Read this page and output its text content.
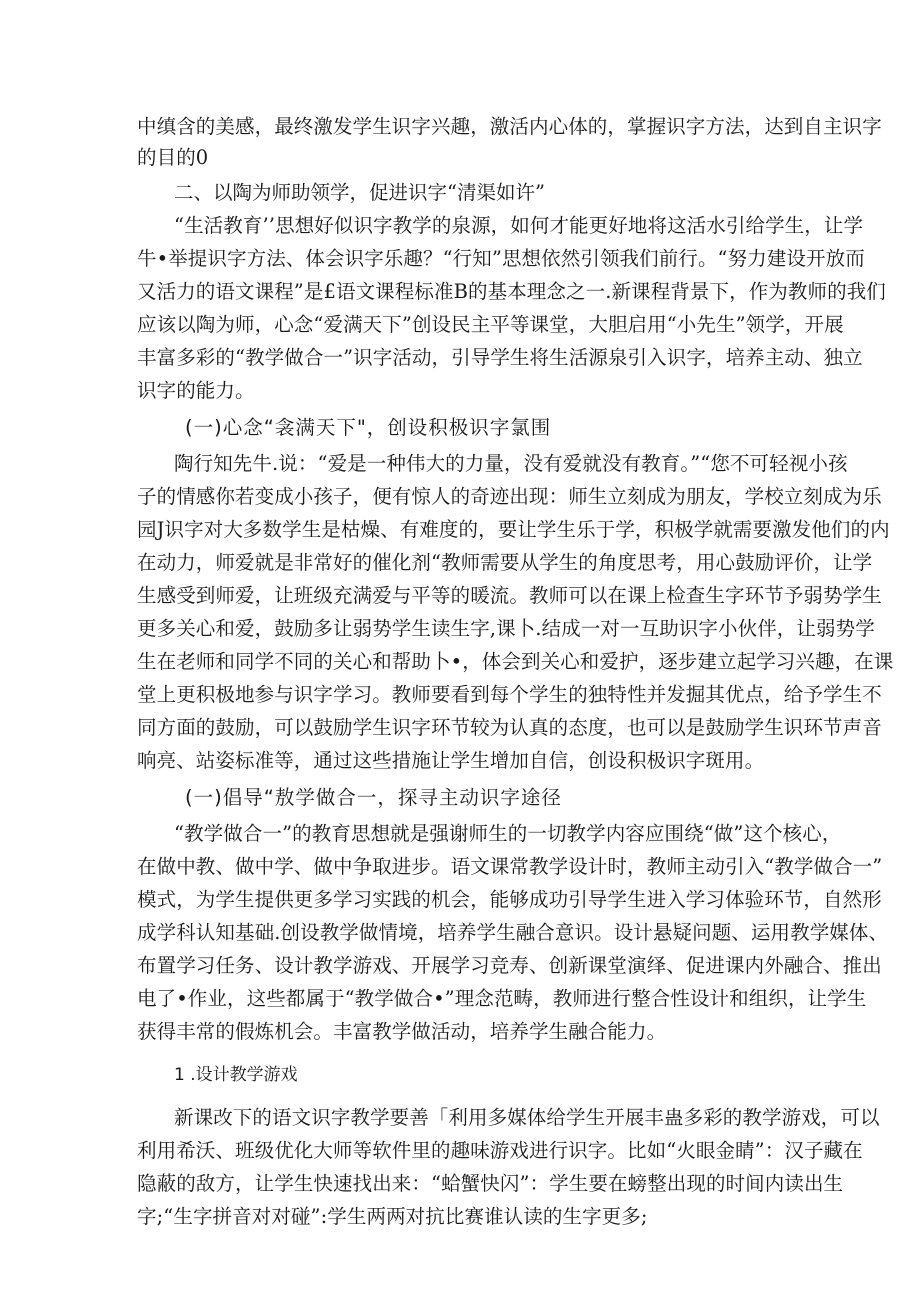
中缜含的美感，最终激发学生识字兴趣，激活内心体的，掌握识字方法，达到自主识字
的目的0
二、以陶为师助领学，促进识字“清渠如许”
“生活教育’’思想好似识字教学的泉源，如何才能更好地将这活水引给学生，让学
牛•举提识字方法、体会识字乐趣？“行知”思想依然引领我们前行。“努力建设开放而
又活力的语文课程”是£语文课程标准B的基本理念之一.新课程背景下，作为教师的我们
应该以陶为师，心念“爱满天下”创设民主平等课堂，大胆启用“小先生”领学，开展
丰富多彩的“教学做合一”识字活动，引导学生将生活源泉引入识字，培养主动、独立
识字的能力。
(一)心念“衾满天下"，创设积极识字氯围
陶行知先牛.说：“爱是一种伟大的力量，没有爱就没有教育。”“您不可轻视小孩
子的情感你若变成小孩子，便有惊人的奇迹出现：师生立刻成为朋友，学校立刻成为乐
园J识字对大多数学生是枯燥、有难度的，要让学生乐于学，积极学就需要激发他们的内
在动力，师爱就是非常好的催化剂“教师需要从学生的角度思考，用心鼓励评价，让学
生感受到师爱，让班级充满爱与平等的暖流。教师可以在课上检查生字环节予弱势学生
更多关心和爱，鼓励多让弱势学生读生字,课卜.结成一对一互助识字小伙伴，让弱势学
生在老师和同学不同的关心和帮助卜•，体会到关心和爱护，逐步建立起学习兴趣，在课
堂上更积极地参与识字学习。教师要看到每个学生的独特性并发掘其优点，给予学生不
同方面的鼓励，可以鼓励学生识字环节较为认真的态度，也可以是鼓励学生识环节声音
响亮、站姿标准等，通过这些措施让学生增加自信，创设积极识字斑用。
(一)倡导“敖学做合一，探寻主动识字途径
“教学做合一”的教育思想就是强谢师生的一切教学内容应围绕“做”这个核心，
在做中教、做中学、做中争取进步。语文课常教学设计时，教师主动引入“教学做合一”
模式，为学生提供更多学习实践的机会，能够成功引导学生进入学习体验环节，自然形
成学科认知基础.创设教学做情境，培养学生融合意识。设计悬疑问题、运用教学媒体、
布置学习任务、设计教学游戏、开展学习竞寿、创新课堂演绎、促进课内外融合、推出
电了•作业，这些都属于“教学做合•”理念范畴，教师进行整合性设计和组织，让学生
获得丰常的假炼机会。丰富教学做活动，培养学生融合能力。
1 .设计教学游戏
新课改下的语文识字教学要善「利用多媒体给学生开展丰蛊多彩的教学游戏，可以
利用希沃、班级优化大师等软件里的趣味游戏进行识字。比如“火眼金睛”：汉子藏在
隐蔽的敌方，让学生快速找出来：“蛤蟹快闪”：学生要在螃整出现的时间内读出生
字;“生字拼音对对碰”:学生两两对抗比赛谁认读的生字更多;
